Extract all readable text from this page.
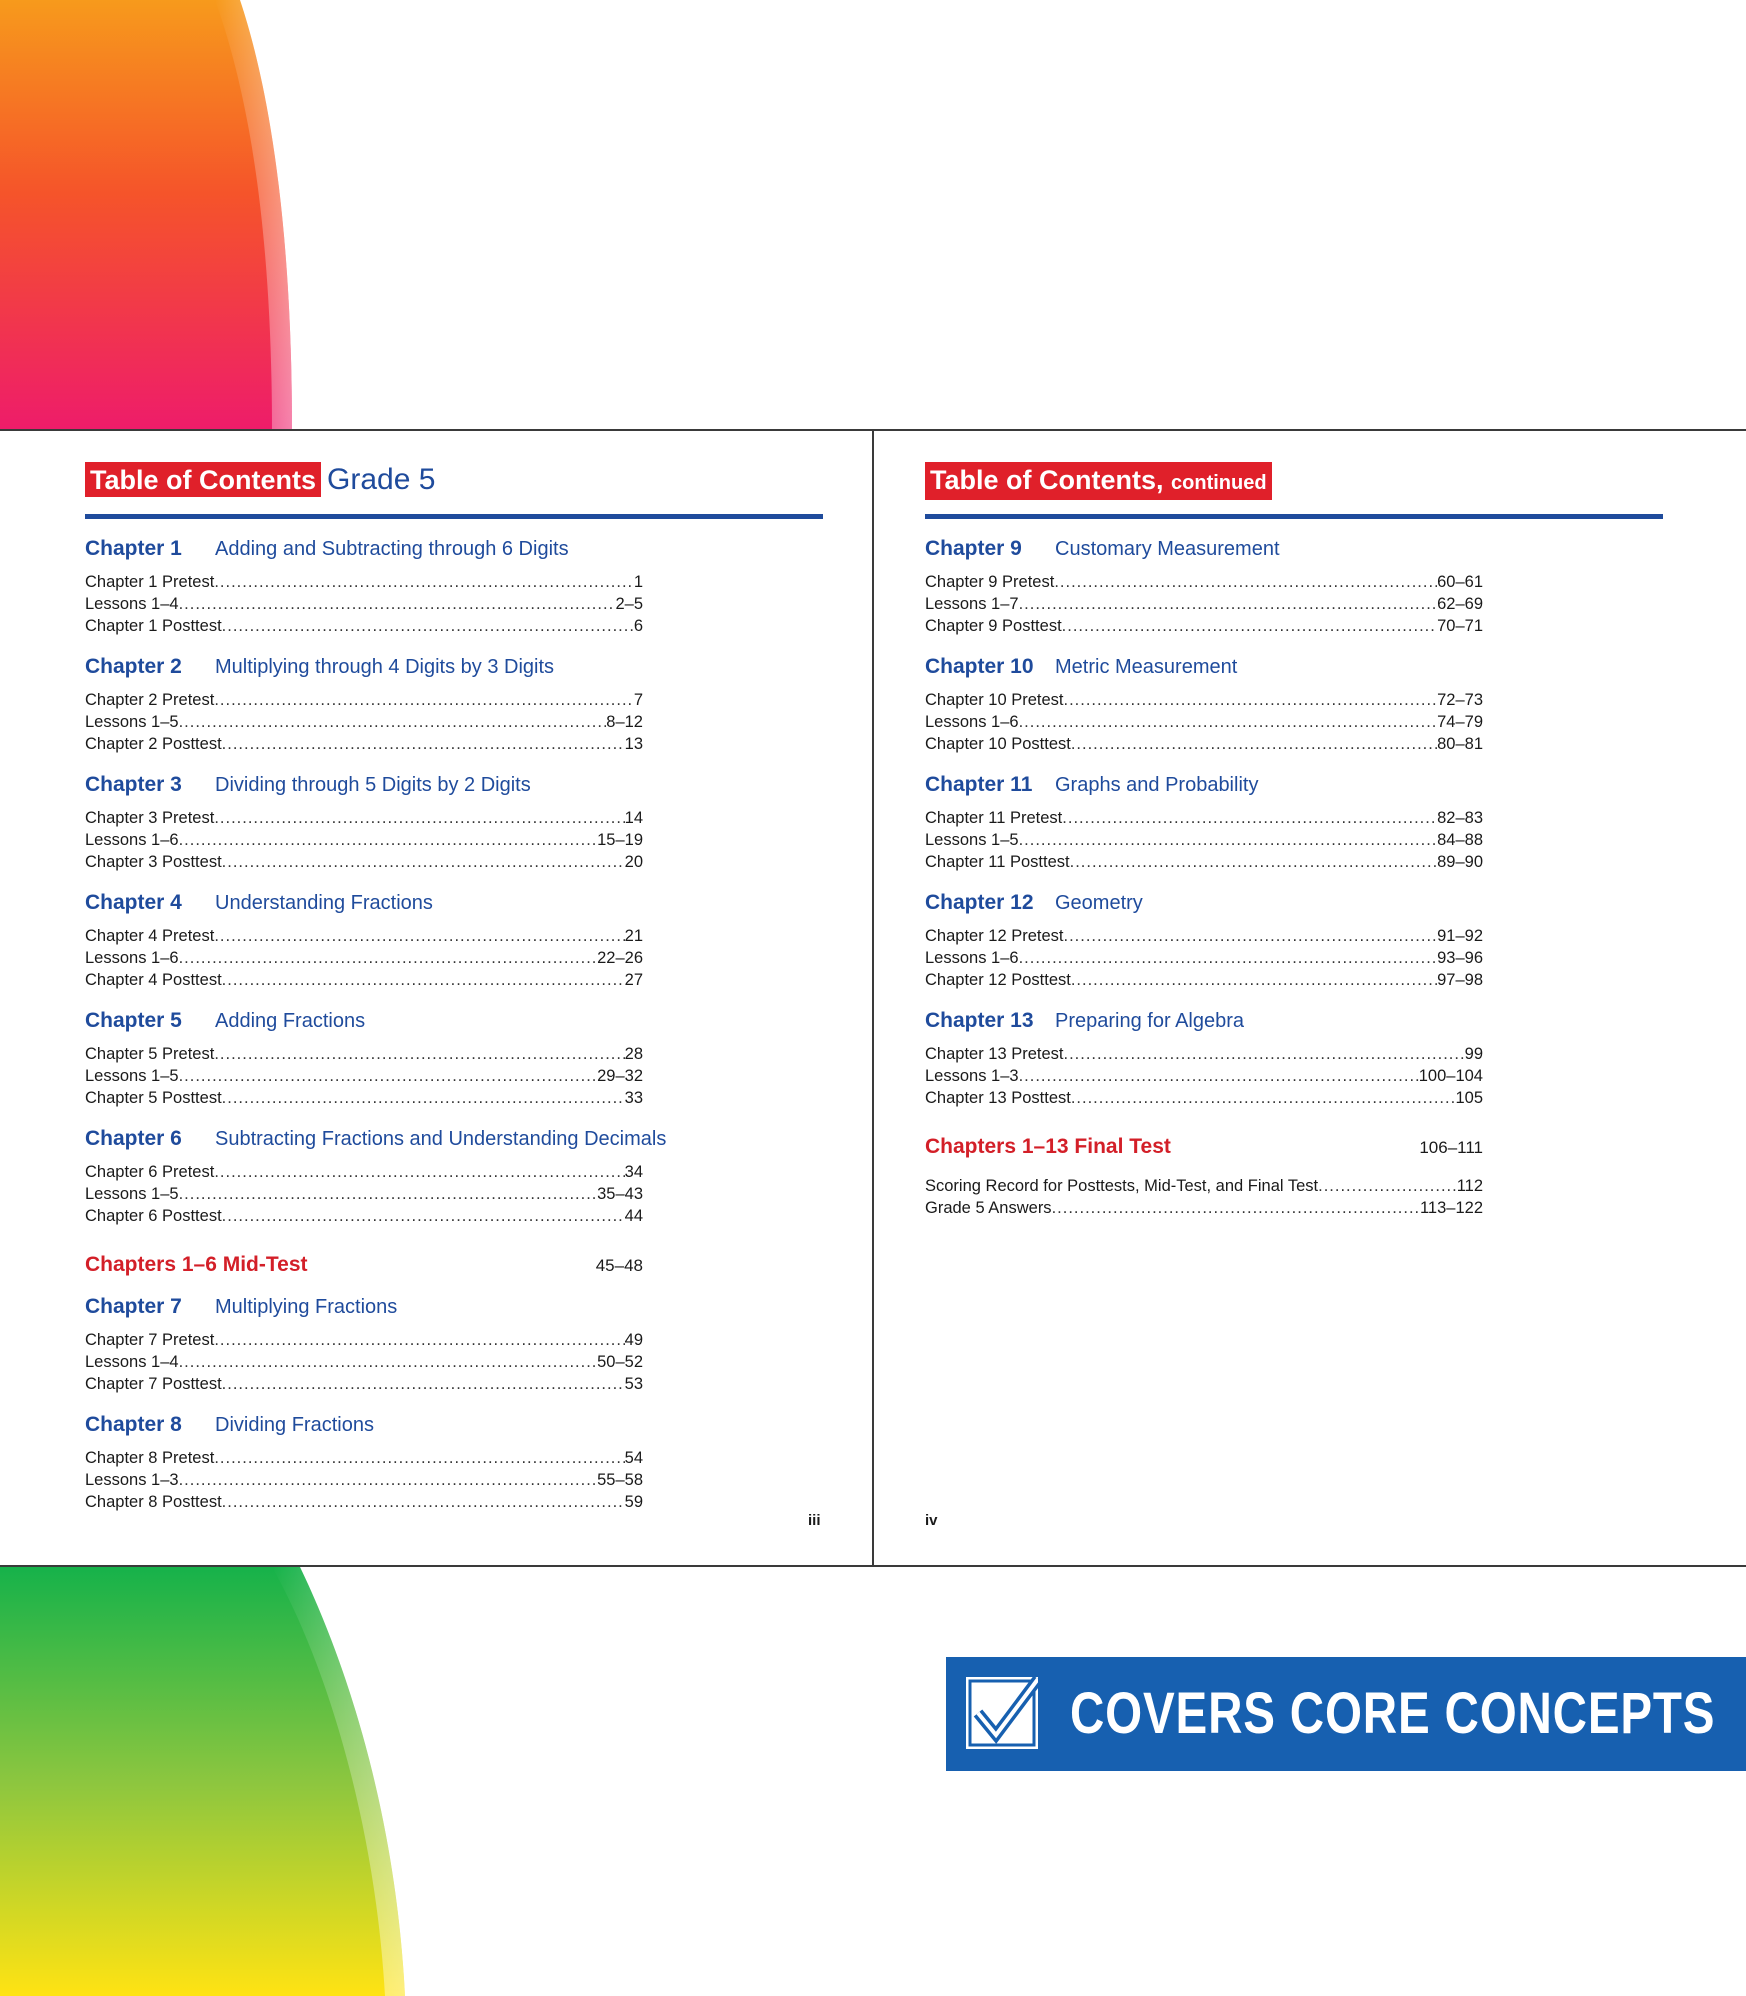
Table of Contents Grade 5
Chapter 1	Adding and Subtracting through 6 Digits
Chapter 1 Pretest .....	1
Lessons 1–4 .....	2–5
Chapter 1 Posttest .....	6
Chapter 2	Multiplying through 4 Digits by 3 Digits
Chapter 2 Pretest .....	7
Lessons 1–5 .....	8–12
Chapter 2 Posttest .....	13
Chapter 3	Dividing through 5 Digits by 2 Digits
Chapter 3 Pretest .....	14
Lessons 1–6 .....	15–19
Chapter 3 Posttest .....	20
Chapter 4	Understanding Fractions
Chapter 4 Pretest .....	21
Lessons 1–6 .....	22–26
Chapter 4 Posttest .....	27
Chapter 5	Adding Fractions
Chapter 5 Pretest .....	28
Lessons 1–5 .....	29–32
Chapter 5 Posttest .....	33
Chapter 6	Subtracting Fractions and Understanding Decimals
Chapter 6 Pretest .....	34
Lessons 1–5 .....	35–43
Chapter 6 Posttest .....	44
Chapters 1–6 Mid-Test	45–48
Chapter 7	Multiplying Fractions
Chapter 7 Pretest .....	49
Lessons 1–4 .....	50–52
Chapter 7 Posttest .....	53
Chapter 8	Dividing Fractions
Chapter 8 Pretest .....	54
Lessons 1–3 .....	55–58
Chapter 8 Posttest .....	59
iii
Table of Contents, continued
Chapter 9	Customary Measurement
Chapter 9 Pretest .....	60–61
Lessons 1–7 .....	62–69
Chapter 9 Posttest .....	70–71
Chapter 10	Metric Measurement
Chapter 10 Pretest .....	72–73
Lessons 1–6 .....	74–79
Chapter 10 Posttest .....	80–81
Chapter 11	Graphs and Probability
Chapter 11 Pretest .....	82–83
Lessons 1–5 .....	84–88
Chapter 11 Posttest .....	89–90
Chapter 12	Geometry
Chapter 12 Pretest .....	91–92
Lessons 1–6 .....	93–96
Chapter 12 Posttest .....	97–98
Chapter 13	Preparing for Algebra
Chapter 13 Pretest .....	99
Lessons 1–3 .....	100–104
Chapter 13 Posttest .....	105
Chapters 1–13 Final Test	106–111
Scoring Record for Posttests, Mid-Test, and Final Test .....	112
Grade 5 Answers .....	113–122
iv
COVERS CORE CONCEPTS
